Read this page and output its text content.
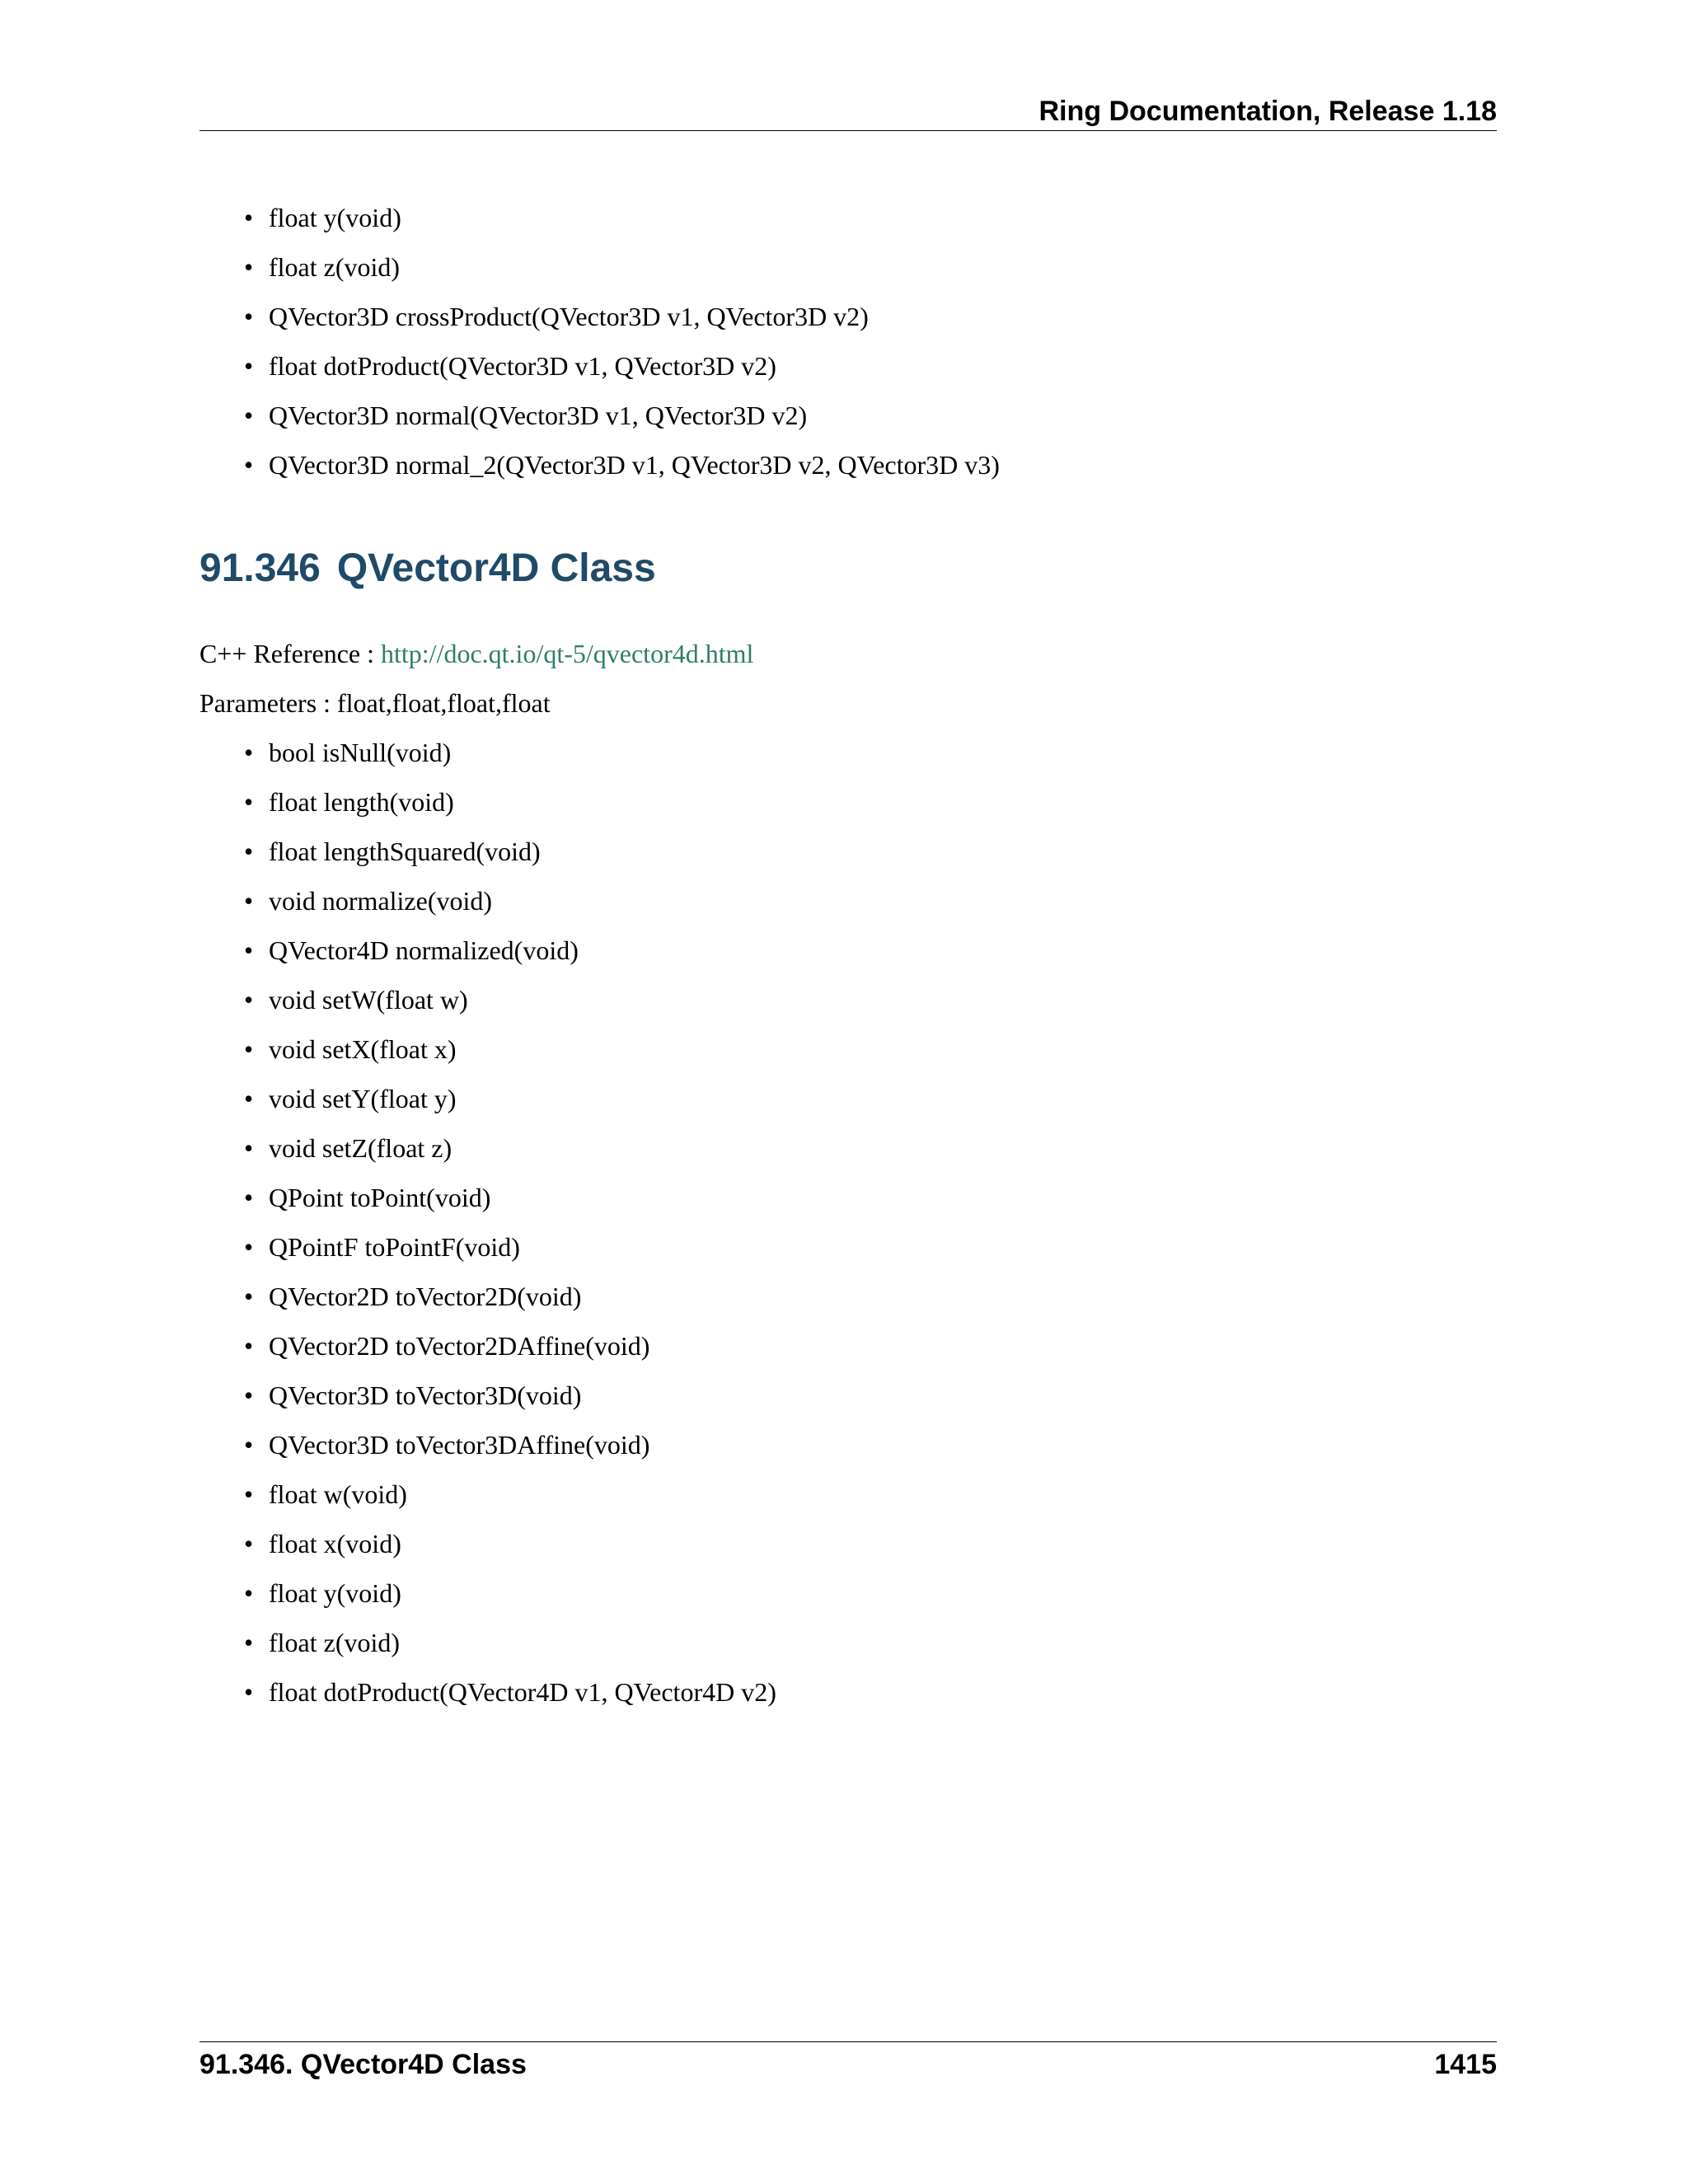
Ring Documentation, Release 1.18
• float y(void)
• float z(void)
• QVector3D crossProduct(QVector3D v1, QVector3D v2)
• float dotProduct(QVector3D v1, QVector3D v2)
• QVector3D normal(QVector3D v1, QVector3D v2)
• QVector3D normal_2(QVector3D v1, QVector3D v2, QVector3D v3)
91.346 QVector4D Class
C++ Reference : http://doc.qt.io/qt-5/qvector4d.html
Parameters : float,float,float,float
• bool isNull(void)
• float length(void)
• float lengthSquared(void)
• void normalize(void)
• QVector4D normalized(void)
• void setW(float w)
• void setX(float x)
• void setY(float y)
• void setZ(float z)
• QPoint toPoint(void)
• QPointF toPointF(void)
• QVector2D toVector2D(void)
• QVector2D toVector2DAffine(void)
• QVector3D toVector3D(void)
• QVector3D toVector3DAffine(void)
• float w(void)
• float x(void)
• float y(void)
• float z(void)
• float dotProduct(QVector4D v1, QVector4D v2)
91.346. QVector4D Class	1415
